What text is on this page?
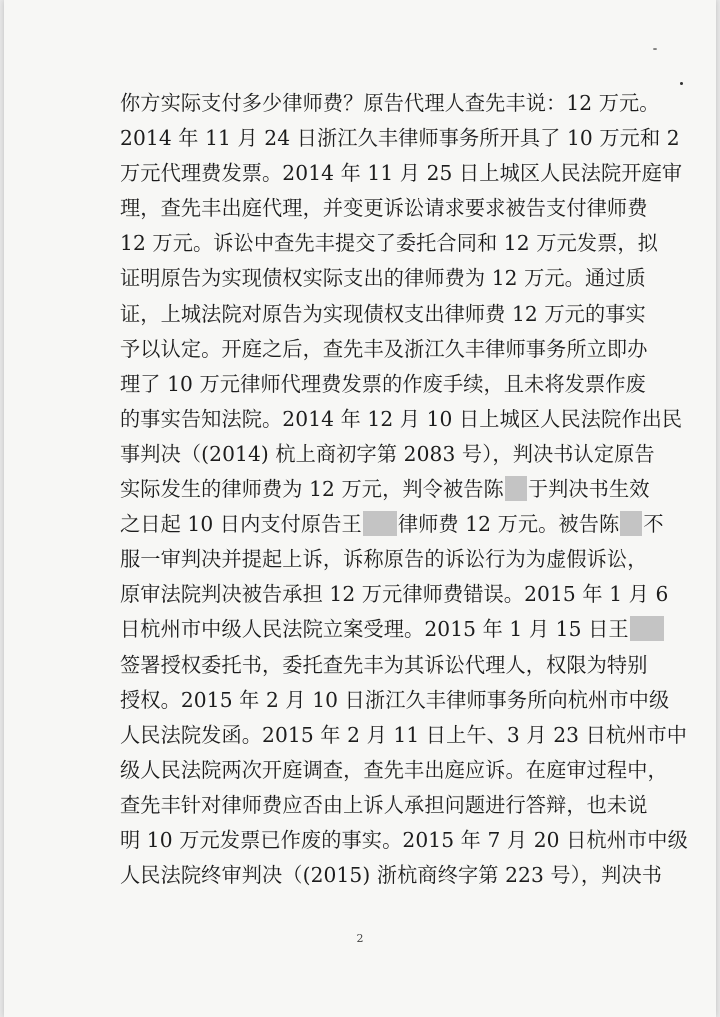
你方实际支付多少律师费？原告代理人查先丰说：12 万元。
2014 年 11 月 24 日浙江久丰律师事务所开具了 10 万元和 2
万元代理费发票。2014 年 11 月 25 日上城区人民法院开庭审
理，查先丰出庭代理，并变更诉讼请求要求被告支付律师费
12 万元。诉讼中查先丰提交了委托合同和 12 万元发票，拟
证明原告为实现债权实际支出的律师费为 12 万元。通过质
证，上城法院对原告为实现债权支出律师费 12 万元的事实
予以认定。开庭之后，查先丰及浙江久丰律师事务所立即办
理了 10 万元律师代理费发票的作废手续，且未将发票作废
的事实告知法院。2014 年 12 月 10 日上城区人民法院作出民
事判决（(2014) 杭上商初字第 2083 号），判决书认定原告
实际发生的律师费为 12 万元，判令被告陈 于判决书生效
之日起 10 日内支付原告王 律师费 12 万元。被告陈 不
服一审判决并提起上诉，诉称原告的诉讼行为为虚假诉讼，
原审法院判决被告承担 12 万元律师费错误。2015 年 1 月 6
日杭州市中级人民法院立案受理。2015 年 1 月 15 日王
签署授权委托书，委托查先丰为其诉讼代理人，权限为特别
授权。2015 年 2 月 10 日浙江久丰律师事务所向杭州市中级
人民法院发函。2015 年 2 月 11 日上午、3 月 23 日杭州市中
级人民法院两次开庭调查，查先丰出庭应诉。在庭审过程中，
查先丰针对律师费应否由上诉人承担问题进行答辩，也未说
明 10 万元发票已作废的事实。2015 年 7 月 20 日杭州市中级
人民法院终审判决（(2015) 浙杭商终字第 223 号），判决书
2
